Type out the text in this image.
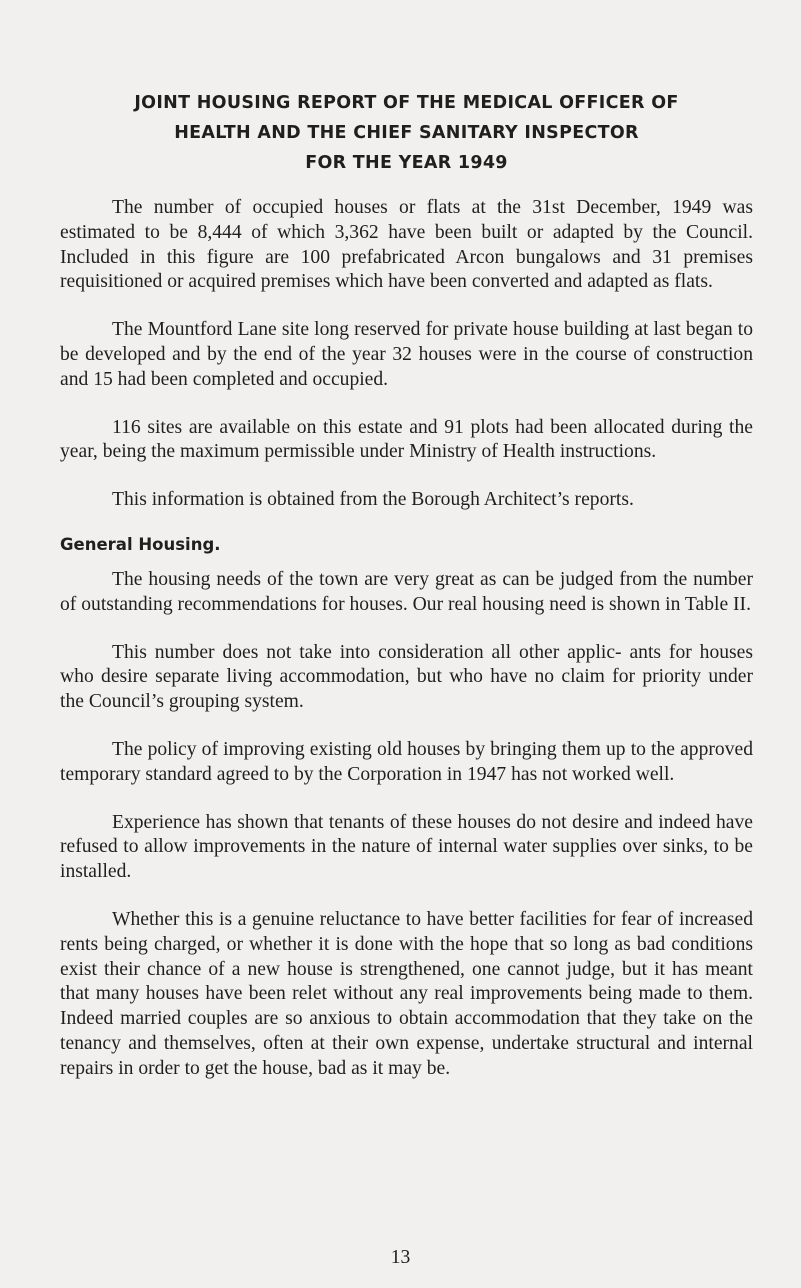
JOINT HOUSING REPORT OF THE MEDICAL OFFICER OF
HEALTH AND THE CHIEF SANITARY INSPECTOR
FOR THE YEAR 1949

The number of occupied houses or flats at the 31st December, 1949 was estimated to be 8,444 of which 3,362 have been built or adapted by the Council. Included in this figure are 100 prefabricated Arcon bungalows and 31 premises requisitioned or acquired premises which have been converted and adapted as flats.

The Mountford Lane site long reserved for private house building at last began to be developed and by the end of the year 32 houses were in the course of construction and 15 had been completed and occupied.

116 sites are available on this estate and 91 plots had been allocated during the year, being the maximum permissible under Ministry of Health instructions.

This information is obtained from the Borough Architect’s reports.

General Housing.

The housing needs of the town are very great as can be judged from the number of outstanding recommendations for houses. Our real housing need is shown in Table II.

This number does not take into consideration all other applic- ants for houses who desire separate living accommodation, but who have no claim for priority under the Council’s grouping system.

The policy of improving existing old houses by bringing them up to the approved temporary standard agreed to by the Corporation in 1947 has not worked well.

Experience has shown that tenants of these houses do not desire and indeed have refused to allow improvements in the nature of internal water supplies over sinks, to be installed.

Whether this is a genuine reluctance to have better facilities for fear of increased rents being charged, or whether it is done with the hope that so long as bad conditions exist their chance of a new house is strengthened, one cannot judge, but it has meant that many houses have been relet without any real improvements being made to them. Indeed married couples are so anxious to obtain accommodation that they take on the tenancy and themselves, often at their own expense, undertake structural and internal repairs in order to get the house, bad as it may be.

13
